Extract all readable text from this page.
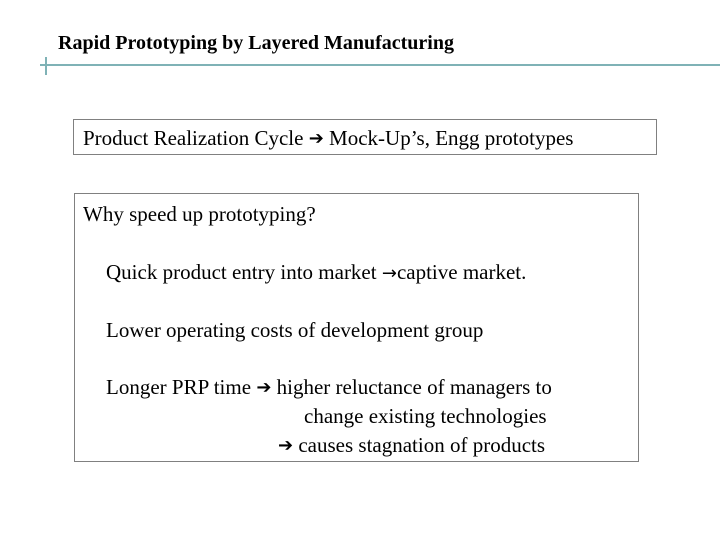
Rapid Prototyping by Layered Manufacturing
Product Realization Cycle ➔ Mock-Up’s, Engg prototypes
Why speed up prototyping?
Quick product entry into market →captive market.
Lower operating costs of development group
Longer PRP time ➔ higher reluctance of managers to
change existing technologies
➔ causes stagnation of products
